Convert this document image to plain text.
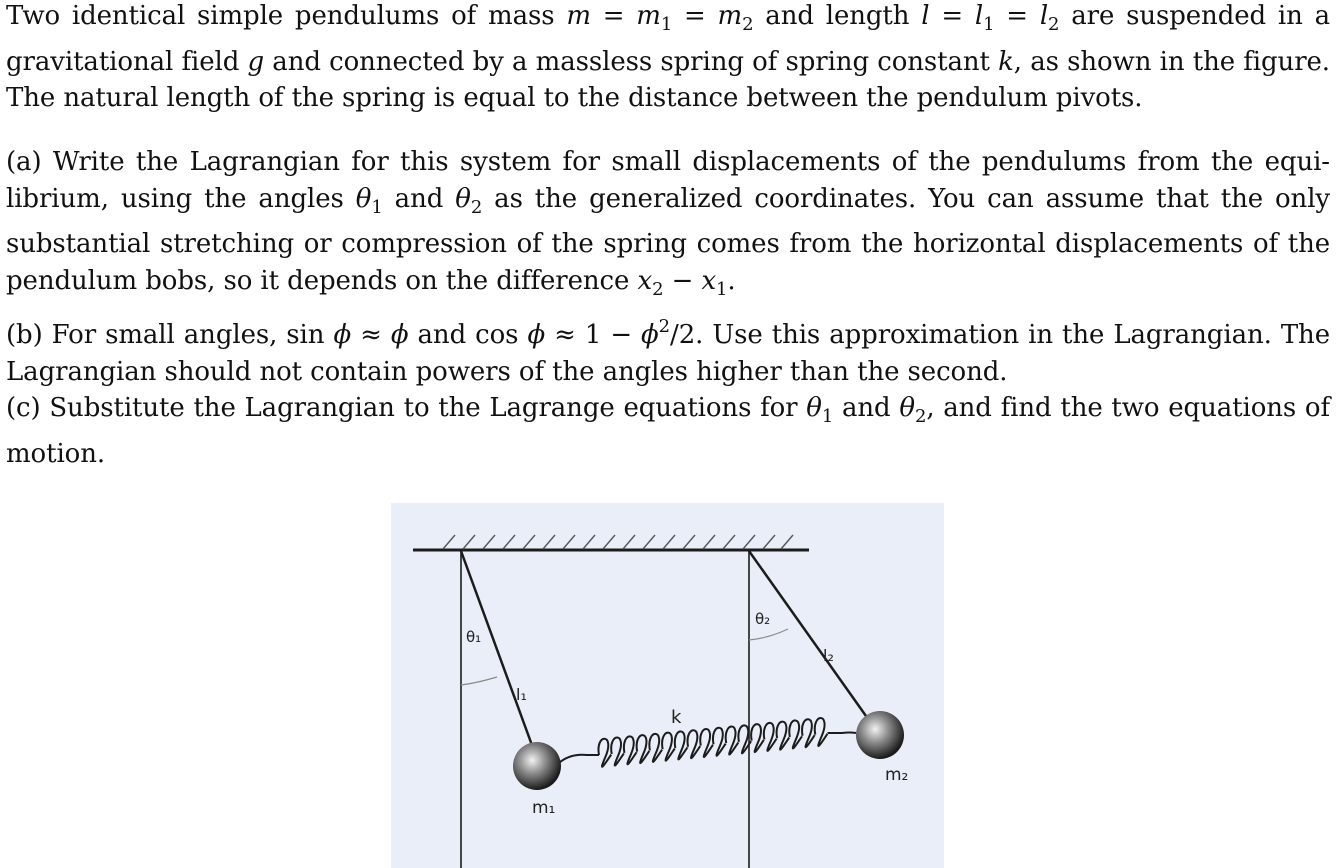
Two identical simple pendulums of mass $m = m_1 = m_2$ and length $l = l_1 = l_2$ are suspended in a gravitational field g and connected by a massless spring of spring constant k, as shown in the figure. The natural length of the spring is equal to the distance between the pendulum pivots.

(a) Write the Lagrangian for this system for small displacements of the pendulums from the equi-librium, using the angles $\theta_1$ and $\theta_2$ as the generalized coordinates. You can assume that the only substantial stretching or compression of the spring comes from the horizontal displacements of the pendulum bobs, so it depends on the difference $x_2 - x_1$.

(b) For small angles, sin ϕ ≈ ϕ and $\cos \phi \approx 1 - \phi^2/2$. Use this approximation in the Lagrangian. The Lagrangian should not contain powers of the angles higher than the second.

(c) Substitute the Lagrangian to the Lagrange equations for $\theta_1$ and $\theta_2$, and find the two equations of motion.

θ₁
θ₂
l₁
l₂
k
m₁
m₂
